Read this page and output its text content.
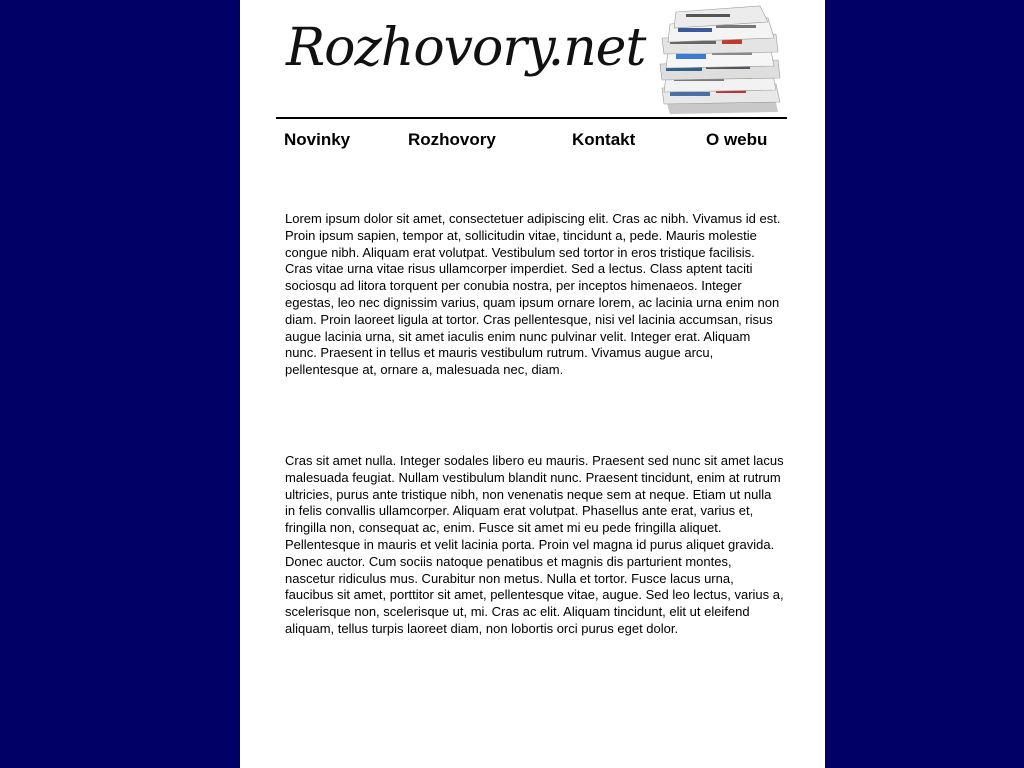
Rozhovory.net
Novinky	Rozhovory	Kontakt	O webu

Lorem ipsum dolor sit amet, consectetuer adipiscing elit. Cras ac nibh. Vivamus id est. Proin ipsum sapien, tempor at, sollicitudin vitae, tincidunt a, pede. Mauris molestie congue nibh. Aliquam erat volutpat. Vestibulum sed tortor in eros tristique facilisis. Cras vitae urna vitae risus ullamcorper imperdiet. Sed a lectus. Class aptent taciti sociosqu ad litora torquent per conubia nostra, per inceptos himenaeos. Integer egestas, leo nec dignissim varius, quam ipsum ornare lorem, ac lacinia urna enim non diam. Proin laoreet ligula at tortor. Cras pellentesque, nisi vel lacinia accumsan, risus augue lacinia urna, sit amet iaculis enim nunc pulvinar velit. Integer erat. Aliquam nunc. Praesent in tellus et mauris vestibulum rutrum. Vivamus augue arcu, pellentesque at, ornare a, malesuada nec, diam.

Cras sit amet nulla. Integer sodales libero eu mauris. Praesent sed nunc sit amet lacus malesuada feugiat. Nullam vestibulum blandit nunc. Praesent tincidunt, enim at rutrum ultricies, purus ante tristique nibh, non venenatis neque sem at neque. Etiam ut nulla in felis convallis ullamcorper. Aliquam erat volutpat. Phasellus ante erat, varius et, fringilla non, consequat ac, enim. Fusce sit amet mi eu pede fringilla aliquet. Pellentesque in mauris et velit lacinia porta. Proin vel magna id purus aliquet gravida. Donec auctor. Cum sociis natoque penatibus et magnis dis parturient montes, nascetur ridiculus mus. Curabitur non metus. Nulla et tortor. Fusce lacus urna, faucibus sit amet, porttitor sit amet, pellentesque vitae, augue. Sed leo lectus, varius a, scelerisque non, scelerisque ut, mi. Cras ac elit. Aliquam tincidunt, elit ut eleifend aliquam, tellus turpis laoreet diam, non lobortis orci purus eget dolor.
